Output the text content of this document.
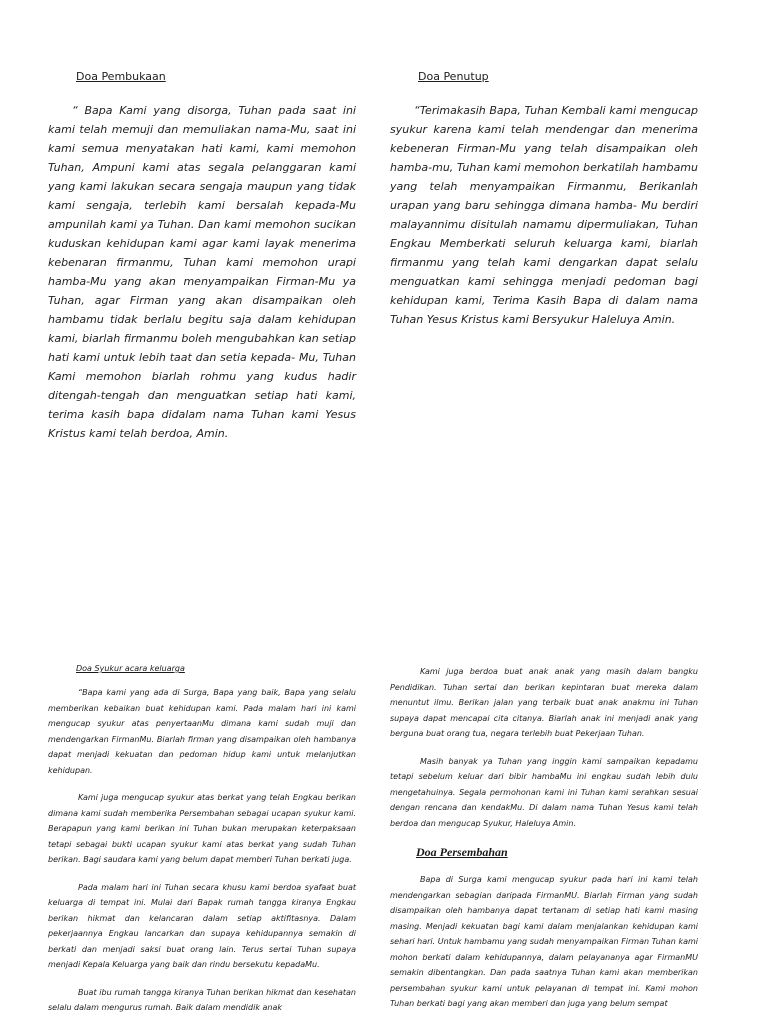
Doa Pembukaan

“ Bapa Kami yang disorga, Tuhan pada saat ini kami telah memuji dan memuliakan nama-Mu, saat ini kami semua menyatakan hati kami, kami memohon Tuhan, Ampuni kami atas segala pelanggaran kami yang kami lakukan secara sengaja maupun yang tidak kami sengaja, terlebih kami bersalah kepada-Mu ampunilah kami ya Tuhan. Dan kami memohon sucikan kuduskan kehidupan kami agar kami layak menerima kebenaran firmanmu, Tuhan kami memohon urapi hamba-Mu yang akan menyampaikan Firman-Mu ya Tuhan, agar Firman yang akan disampaikan oleh hambamu tidak berlalu begitu saja dalam kehidupan kami, biarlah firmanmu boleh mengubahkan kan setiap hati kami untuk lebih taat dan setia kepada- Mu, Tuhan Kami memohon biarlah rohmu yang kudus hadir ditengah-tengah dan menguatkan setiap hati kami, terima kasih bapa didalam nama Tuhan kami Yesus Kristus kami telah berdoa, Amin.

Doa Penutup

“Terimakasih Bapa, Tuhan Kembali kami mengucap syukur karena kami telah mendengar dan menerima kebeneran Firman-Mu yang telah disampaikan oleh hamba-mu, Tuhan kami memohon berkatilah hambamu yang telah menyampaikan Firmanmu, Berikanlah urapan yang baru sehingga dimana hamba- Mu berdiri malayannimu disitulah namamu dipermuliakan, Tuhan Engkau Memberkati seluruh keluarga kami, biarlah firmanmu yang telah kami dengarkan dapat selalu menguatkan kami sehingga menjadi pedoman bagi kehidupan kami, Terima Kasih Bapa di dalam nama Tuhan Yesus Kristus kami Bersyukur Haleluya Amin.

Doa Syukur acara keluarga

“Bapa kami yang ada di Surga, Bapa yang baik, Bapa yang selalu memberikan kebaikan buat kehidupan kami. Pada malam hari ini kami mengucap syukur atas penyertaanMu dimana kami sudah muji dan mendengarkan FirmanMu. Biarlah firman yang disampaikan oleh hambanya dapat menjadi kekuatan dan pedoman hidup kami untuk melanjutkan kehidupan.

Kami juga mengucap syukur atas berkat yang telah Engkau berikan dimana kami sudah memberika Persembahan sebagai ucapan syukur kami. Berapapun yang kami berikan ini Tuhan bukan merupakan keterpaksaan tetapi sebagai bukti ucapan syukur kami atas berkat yang sudah Tuhan berikan. Bagi saudara kami yang belum dapat memberi Tuhan berkati juga.

Pada malam hari ini Tuhan secara khusu kami berdoa syafaat buat keluarga di tempat ini. Mulai dari Bapak rumah tangga kiranya Engkau berikan hikmat dan kelancaran dalam setiap aktifitasnya. Dalam pekerjaannya Engkau lancarkan dan supaya kehidupannya semakin di berkati dan menjadi saksi buat orang lain. Terus sertai Tuhan supaya menjadi Kepala Keluarga yang baik dan rindu bersekutu kepadaMu.

Buat ibu rumah tangga kiranya Tuhan berikan hikmat dan kesehatan selalu dalam mengurus rumah. Baik dalam mendidik anak

Kami juga berdoa buat anak anak yang masih dalam bangku Pendidikan. Tuhan sertai dan berikan kepintaran buat mereka dalam menuntut ilmu. Berikan jalan yang terbaik buat anak anakmu ini Tuhan supaya dapat mencapai cita citanya. Biarlah anak ini menjadi anak yang berguna buat orang tua, negara terlebih buat Pekerjaan Tuhan.

Masih banyak ya Tuhan yang inggin kami sampaikan kepadamu tetapi sebelum keluar dari bibir hambaMu ini engkau sudah lebih dulu mengetahuinya. Segala permohonan kami ini Tuhan kami serahkan sesuai dengan rencana dan kendakMu. Di dalam nama Tuhan Yesus kami telah berdoa dan mengucap Syukur, Haleluya Amin.

Doa Persembahan

Bapa di Surga kami mengucap syukur pada hari ini kami telah mendengarkan sebagian daripada FirmanMU. Biarlah Firman yang sudah disampaikan oleh hambanya dapat tertanam di setiap hati kami masing masing. Menjadi kekuatan bagi kami dalam menjalankan kehidupan kami sehari hari. Untuk hambamu yang sudah menyampaikan Firman Tuhan kami mohon berkati dalam kehidupannya, dalam pelayananya agar FirmanMU semakin dibentangkan. Dan pada saatnya Tuhan kami akan memberikan persembahan syukur kami untuk pelayanan di tempat ini. Kami mohon Tuhan berkati bagi yang akan memberi dan juga yang belum sempat
